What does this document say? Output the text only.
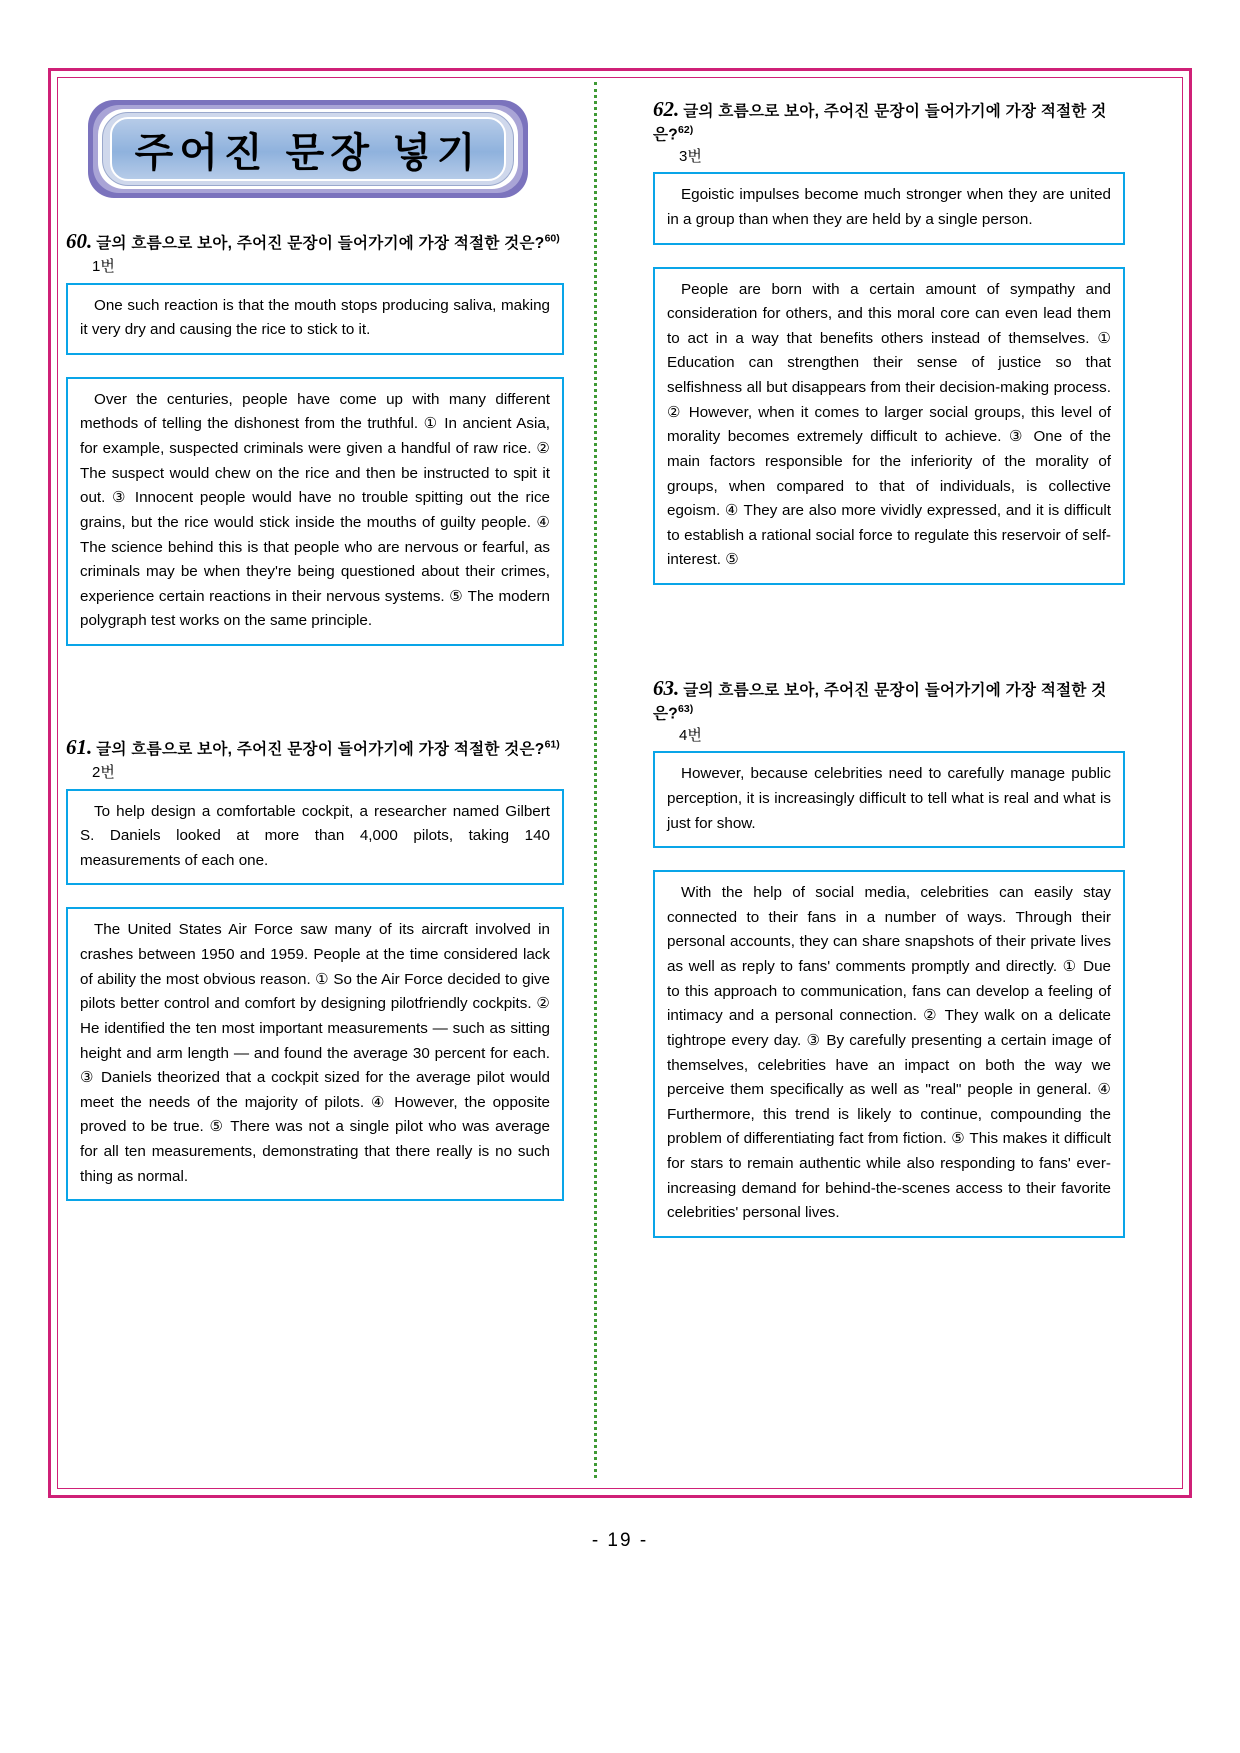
주어진 문장 넣기
60. 글의 흐름으로 보아, 주어진 문장이 들어가기에 가장 적절한 것은?$^{60)}$
1번

One such reaction is that the mouth stops producing saliva, making it very dry and causing the rice to stick to it.

Over the centuries, people have come up with many different methods of telling the dishonest from the truthful. ① In ancient Asia, for example, suspected criminals were given a handful of raw rice. ② The suspect would chew on the rice and then be instructed to spit it out. ③ Innocent people would have no trouble spitting out the rice grains, but the rice would stick inside the mouths of guilty people. ④ The science behind this is that people who are nervous or fearful, as criminals may be when they're being questioned about their crimes, experience certain reactions in their nervous systems. ⑤ The modern polygraph test works on the same principle.

61. 글의 흐름으로 보아, 주어진 문장이 들어가기에 가장 적절한 것은?$^{61)}$
2번

To help design a comfortable cockpit, a researcher named Gilbert S. Daniels looked at more than 4,000 pilots, taking 140 measurements of each one.

The United States Air Force saw many of its aircraft involved in crashes between 1950 and 1959. People at the time considered lack of ability the most obvious reason. ① So the Air Force decided to give pilots better control and comfort by designing pilotfriendly cockpits. ② He identified the ten most important measurements — such as sitting height and arm length — and found the average 30 percent for each. ③ Daniels theorized that a cockpit sized for the average pilot would meet the needs of the majority of pilots. ④ However, the opposite proved to be true. ⑤ There was not a single pilot who was average for all ten measurements, demonstrating that there really is no such thing as normal.

62. 글의 흐름으로 보아, 주어진 문장이 들어가기에 가장 적절한 것은?$^{62)}$
3번

Egoistic impulses become much stronger when they are united in a group than when they are held by a single person.

People are born with a certain amount of sympathy and consideration for others, and this moral core can even lead them to act in a way that benefits others instead of themselves. ① Education can strengthen their sense of justice so that selfishness all but disappears from their decision-making process. ② However, when it comes to larger social groups, this level of morality becomes extremely difficult to achieve. ③ One of the main factors responsible for the inferiority of the morality of groups, when compared to that of individuals, is collective egoism. ④ They are also more vividly expressed, and it is difficult to establish a rational social force to regulate this reservoir of self-interest. ⑤

63. 글의 흐름으로 보아, 주어진 문장이 들어가기에 가장 적절한 것은?$^{63)}$
4번

However, because celebrities need to carefully manage public perception, it is increasingly difficult to tell what is real and what is just for show.

With the help of social media, celebrities can easily stay connected to their fans in a number of ways. Through their personal accounts, they can share snapshots of their private lives as well as reply to fans' comments promptly and directly. ① Due to this approach to communication, fans can develop a feeling of intimacy and a personal connection. ② They walk on a delicate tightrope every day. ③ By carefully presenting a certain image of themselves, celebrities have an impact on both the way we perceive them specifically as well as "real" people in general. ④ Furthermore, this trend is likely to continue, compounding the problem of differentiating fact from fiction. ⑤ This makes it difficult for stars to remain authentic while also responding to fans' ever-increasing demand for behind-the-scenes access to their favorite celebrities' personal lives.

- 19 -
